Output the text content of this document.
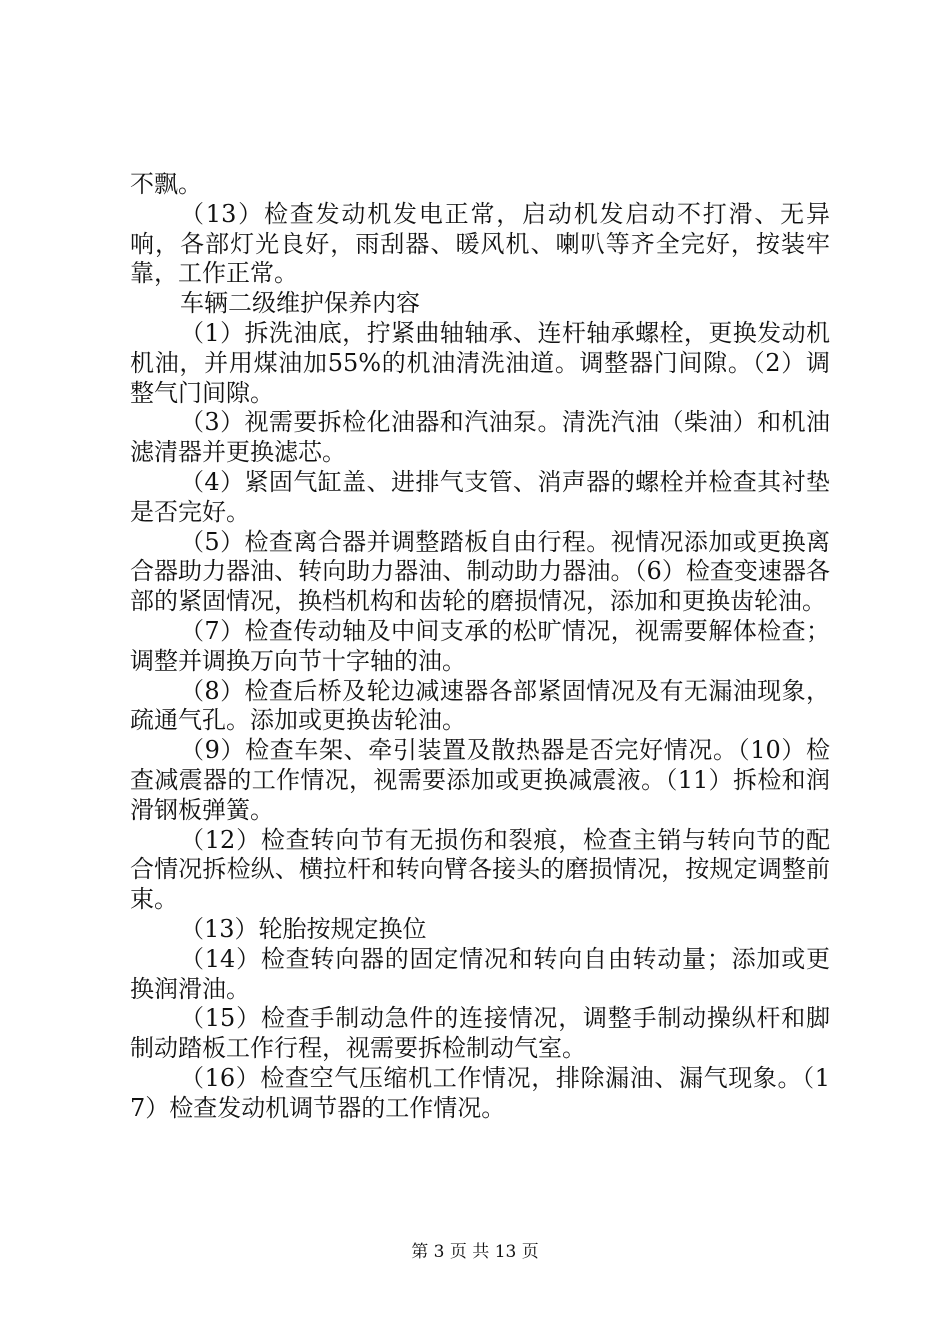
不飘。

（13）检查发动机发电正常，启动机发启动不打滑、无异响，各部灯光良好，雨刮器、暖风机、喇叭等齐全完好，按装牢靠，工作正常。

车辆二级维护保养内容

（1）拆洗油底，拧紧曲轴轴承、连杆轴承螺栓，更换发动机机油，并用煤油加55%的机油清洗油道。调整器门间隙。（2）调整气门间隙。

（3）视需要拆检化油器和汽油泵。清洗汽油（柴油）和机油滤清器并更换滤芯。

（4）紧固气缸盖、进排气支管、消声器的螺栓并检查其衬垫是否完好。

（5）检查离合器并调整踏板自由行程。视情况添加或更换离合器助力器油、转向助力器油、制动助力器油。（6）检查变速器各部的紧固情况，换档机构和齿轮的磨损情况，添加和更换齿轮油。

（7）检查传动轴及中间支承的松旷情况，视需要解体检查；调整并调换万向节十字轴的油。

（8）检查后桥及轮边减速器各部紧固情况及有无漏油现象，疏通气孔。添加或更换齿轮油。

（9）检查车架、牵引装置及散热器是否完好情况。（10）检查减震器的工作情况，视需要添加或更换减震液。（11）拆检和润滑钢板弹簧。

（12）检查转向节有无损伤和裂痕，检查主销与转向节的配合情况拆检纵、横拉杆和转向臂各接头的磨损情况，按规定调整前束。

（13）轮胎按规定换位

（14）检查转向器的固定情况和转向自由转动量；添加或更换润滑油。

（15）检查手制动急件的连接情况，调整手制动操纵杆和脚制动踏板工作行程，视需要拆检制动气室。

（16）检查空气压缩机工作情况，排除漏油、漏气现象。（17）检查发动机调节器的工作情况。

第 3 页 共 13 页
